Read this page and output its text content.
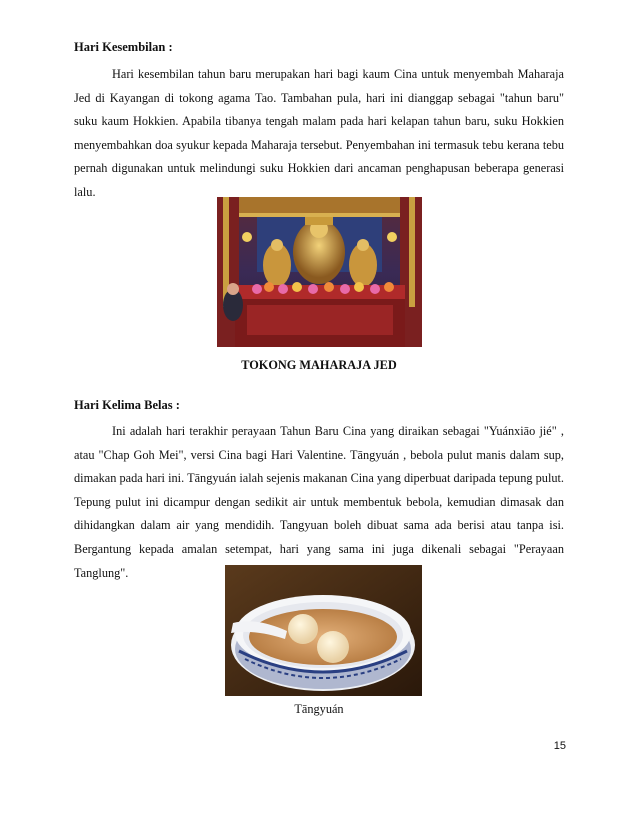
Hari Kesembilan :

Hari kesembilan tahun baru merupakan hari bagi kaum Cina untuk menyembah Maharaja Jed di Kayangan di tokong agama Tao. Tambahan pula, hari ini dianggap sebagai "tahun baru" suku kaum Hokkien. Apabila tibanya tengah malam pada hari kelapan tahun baru, suku Hokkien menyembahkan doa syukur kepada Maharaja tersebut. Penyembahan ini termasuk tebu kerana tebu pernah digunakan untuk melindungi suku Hokkien dari ancaman penghapusan beberapa generasi lalu.

TOKONG MAHARAJA JED

Hari Kelima Belas :

Ini adalah hari terakhir perayaan Tahun Baru Cina yang diraikan sebagai "Yuánxiāo jié" , atau "Chap Goh Mei", versi Cina bagi Hari Valentine. Tāngyuán , bebola pulut manis dalam sup, dimakan pada hari ini. Tāngyuán ialah sejenis makanan Cina yang diperbuat daripada tepung pulut. Tepung pulut ini dicampur dengan sedikit air untuk membentuk bebola, kemudian dimasak dan dihidangkan dalam air yang mendidih. Tangyuan boleh dibuat sama ada berisi atau tanpa isi. Bergantung kepada amalan setempat, hari yang sama ini juga dikenali sebagai "Perayaan Tanglung".

Tāngyuán

15
